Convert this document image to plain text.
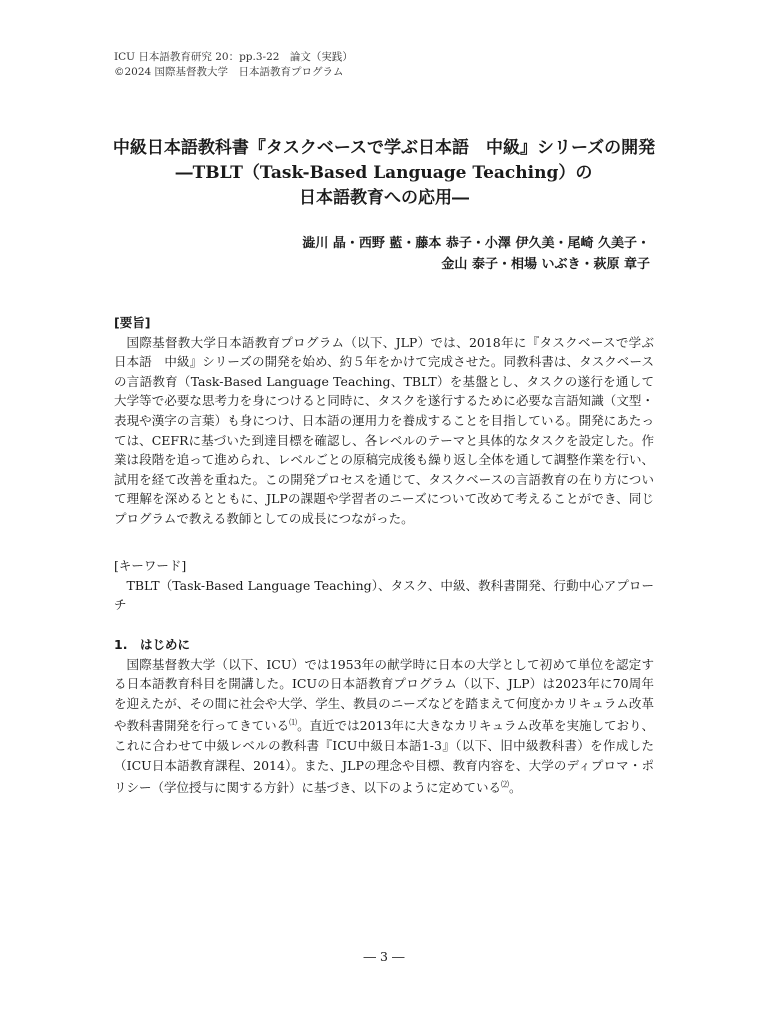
ICU 日本語教育研究 20：pp.3-22　論文（実践）
©2024 国際基督教大学　日本語教育プログラム
中級日本語教科書『タスクベースで学ぶ日本語　中級』シリーズの開発
―TBLT（Task-Based Language Teaching）の
日本語教育への応用―
澁川 晶・西野 藍・藤本 恭子・小澤 伊久美・尾崎 久美子・
金山 泰子・相場 いぶき・萩原 章子
[要旨]

国際基督教大学日本語教育プログラム（以下、JLP）では、2018年に『タスクベースで学ぶ日本語　中級』シリーズの開発を始め、約５年をかけて完成させた。同教科書は、タスクベースの言語教育（Task-Based Language Teaching、TBLT）を基盤とし、タスクの遂行を通して大学等で必要な思考力を身につけると同時に、タスクを遂行するために必要な言語知識（文型・表現や漢字の言葉）も身につけ、日本語の運用力を養成することを目指している。開発にあたっては、CEFRに基づいた到達目標を確認し、各レベルのテーマと具体的なタスクを設定した。作業は段階を追って進められ、レベルごとの原稿完成後も繰り返し全体を通して調整作業を行い、試用を経て改善を重ねた。この開発プロセスを通じて、タスクベースの言語教育の在り方について理解を深めるとともに、JLPの課題や学習者のニーズについて改めて考えることができ、同じプログラムで教える教師としての成長につながった。

[キーワード]

TBLT（Task-Based Language Teaching）、タスク、中級、教科書開発、行動中心アプローチ

1.　はじめに

国際基督教大学（以下、ICU）では1953年の献学時に日本の大学として初めて単位を認定する日本語教育科目を開講した。ICUの日本語教育プログラム（以下、JLP）は2023年に70周年を迎えたが、その間に社会や大学、学生、教員のニーズなどを踏まえて何度かカリキュラム改革や教科書開発を行ってきている⑴。直近では2013年に大きなカリキュラム改革を実施しており、これに合わせて中級レベルの教科書『ICU中級日本語1-3』（以下、旧中級教科書）を作成した（ICU日本語教育課程、2014）。また、JLPの理念や目標、教育内容を、大学のディプロマ・ポリシー（学位授与に関する方針）に基づき、以下のように定めている⑵。

― 3 ―
